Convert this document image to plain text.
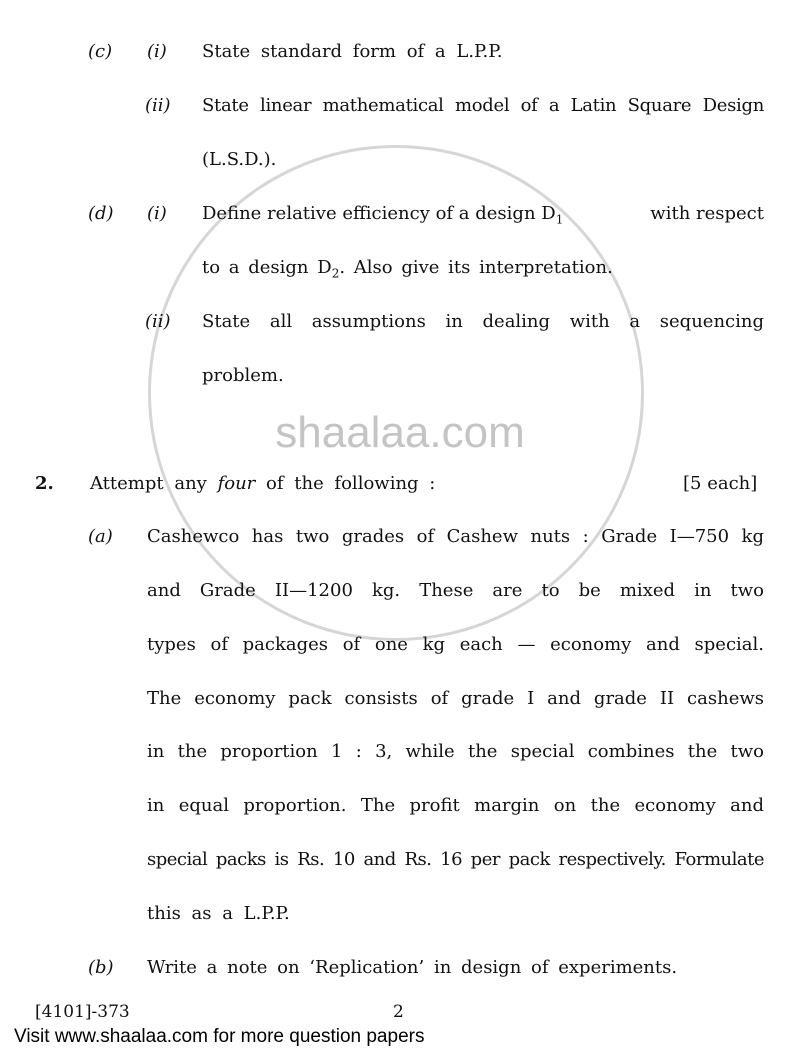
shaalaa.com
(c) (i) State standard form of a L.P.P.
(ii) State linear mathematical model of a Latin Square Design
(L.S.D.).
(d) (i) Define relative efficiency of a design $D_1$	with respect
to a design $D_2$. Also give its interpretation.
(ii) State all assumptions in dealing with a sequencing
problem.
2. Attempt any four of the following :	[5 each]
(a) Cashewco has two grades of Cashew nuts : Grade I—750 kg
and Grade II—1200 kg. These are to be mixed in two
types of packages of one kg each — economy and special.
The economy pack consists of grade I and grade II cashews
in the proportion 1 : 3, while the special combines the two
in equal proportion. The profit margin on the economy and
special packs is Rs. 10 and Rs. 16 per pack respectively. Formulate
this as a L.P.P.
(b) Write a note on ‘Replication’ in design of experiments.
[4101]-373	2
Visit www.shaalaa.com for more question papers
